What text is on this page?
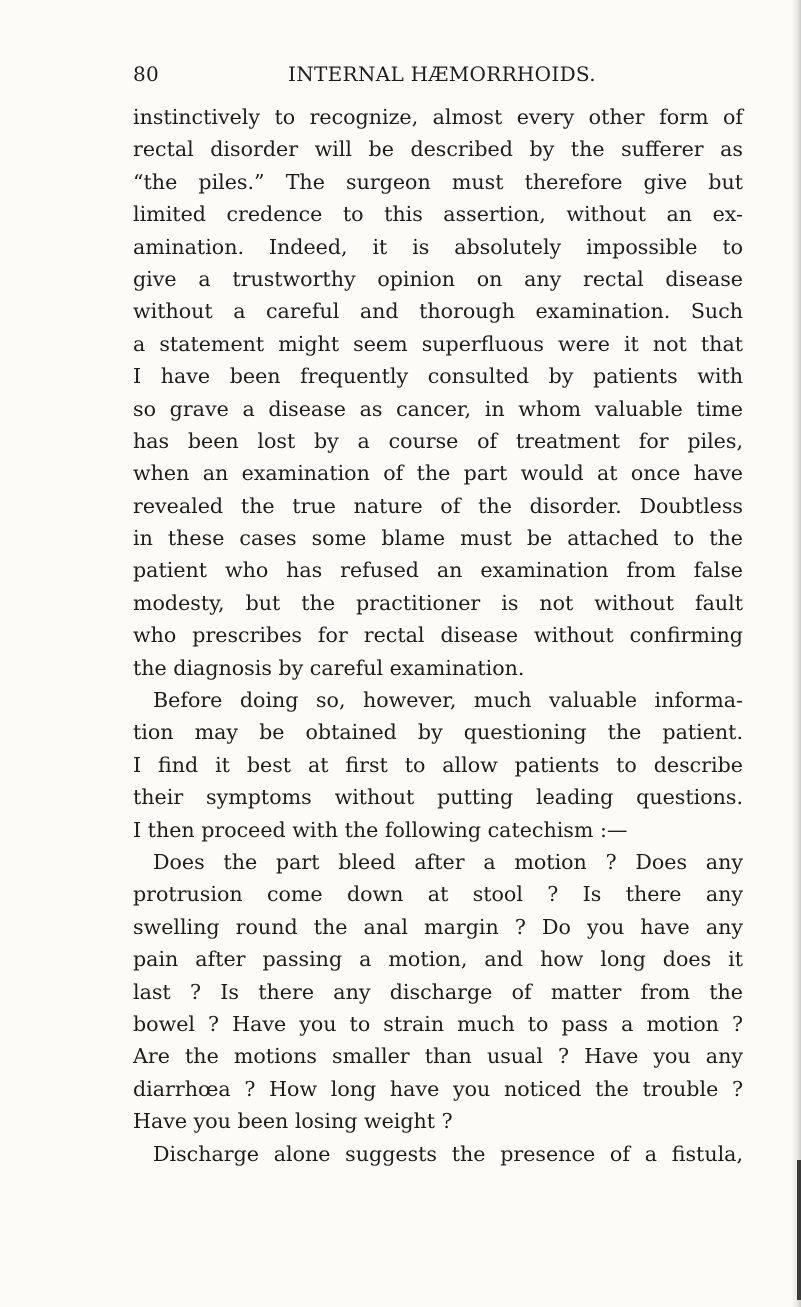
80	INTERNAL HÆMORRHOIDS.
instinctively to recognize, almost every other form of
rectal disorder will be described by the sufferer as
“the piles.” The surgeon must therefore give but
limited credence to this assertion, without an ex-
amination. Indeed, it is absolutely impossible to
give a trustworthy opinion on any rectal disease
without a careful and thorough examination. Such
a statement might seem superfluous were it not that
I have been frequently consulted by patients with
so grave a disease as cancer, in whom valuable time
has been lost by a course of treatment for piles,
when an examination of the part would at once have
revealed the true nature of the disorder. Doubtless
in these cases some blame must be attached to the
patient who has refused an examination from false
modesty, but the practitioner is not without fault
who prescribes for rectal disease without confirming
the diagnosis by careful examination.
Before doing so, however, much valuable informa-
tion may be obtained by questioning the patient.
I find it best at first to allow patients to describe
their symptoms without putting leading questions.
I then proceed with the following catechism :—
Does the part bleed after a motion ? Does any
protrusion come down at stool ? Is there any
swelling round the anal margin ? Do you have any
pain after passing a motion, and how long does it
last ? Is there any discharge of matter from the
bowel ? Have you to strain much to pass a motion ?
Are the motions smaller than usual ? Have you any
diarrhœa ? How long have you noticed the trouble ?
Have you been losing weight ?
Discharge alone suggests the presence of a fistula,
